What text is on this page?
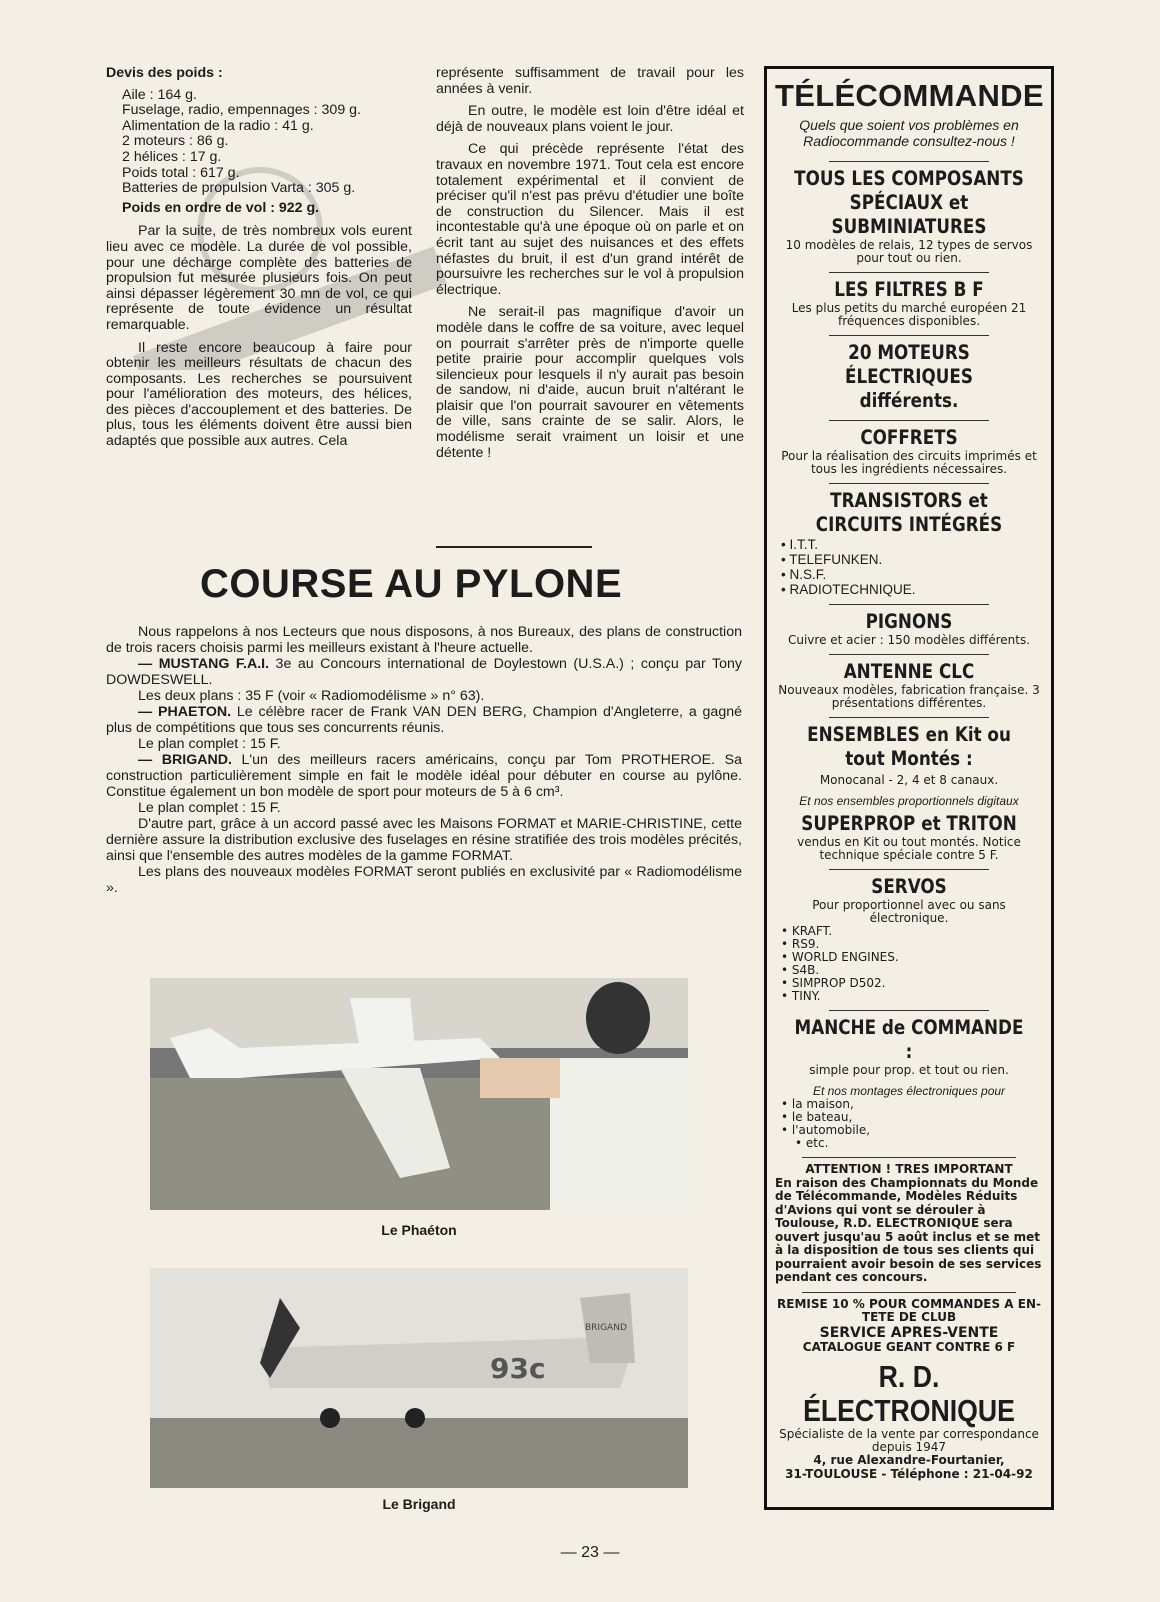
Devis des poids :
Aile : 164 g.
Fuselage, radio, empennages : 309 g.
Alimentation de la radio : 41 g.
2 moteurs : 86 g.
2 hélices : 17 g.
Poids total : 617 g.
Batteries de propulsion Varta : 305 g.
Poids en ordre de vol : 922 g.

Par la suite, de très nombreux vols eurent lieu avec ce modèle. La durée de vol possible, pour une décharge complète des batteries de propulsion fut mesurée plusieurs fois. On peut ainsi dépasser légèrement 30 mn de vol, ce qui représente de toute évidence un résultat remarquable.

Il reste encore beaucoup à faire pour obtenir les meilleurs résultats de chacun des composants. Les recherches se poursuivent pour l'amélioration des moteurs, des hélices, des pièces d'accouplement et des batteries. De plus, tous les éléments doivent être aussi bien adaptés que possible aux autres. Cela

représente suffisamment de travail pour les années à venir.

En outre, le modèle est loin d'être idéal et déjà de nouveaux plans voient le jour.

Ce qui précède représente l'état des travaux en novembre 1971. Tout cela est encore totalement expérimental et il convient de préciser qu'il n'est pas prévu d'étudier une boîte de construction du Silencer. Mais il est incontestable qu'à une époque où on parle et on écrit tant au sujet des nuisances et des effets néfastes du bruit, il est d'un grand intérêt de poursuivre les recherches sur le vol à propulsion électrique.

Ne serait-il pas magnifique d'avoir un modèle dans le coffre de sa voiture, avec lequel on pourrait s'arrêter près de n'importe quelle petite prairie pour accomplir quelques vols silencieux pour lesquels il n'y aurait pas besoin de sandow, ni d'aide, aucun bruit n'altérant le plaisir que l'on pourrait savourer en vêtements de ville, sans crainte de se salir. Alors, le modélisme serait vraiment un loisir et une détente !

COURSE AU PYLONE

Nous rappelons à nos Lecteurs que nous disposons, à nos Bureaux, des plans de construction de trois racers choisis parmi les meilleurs existant à l'heure actuelle.

— MUSTANG F.A.I. 3e au Concours international de Doylestown (U.S.A.) ; conçu par Tony DOWDESWELL.

Les deux plans : 35 F (voir « Radiomodélisme » n° 63).

— PHAETON. Le célèbre racer de Frank VAN DEN BERG, Champion d'Angleterre, a gagné plus de compétitions que tous ses concurrents réunis.

Le plan complet : 15 F.

— BRIGAND. L'un des meilleurs racers américains, conçu par Tom PROTHEROE. Sa construction particulièrement simple en fait le modèle idéal pour débuter en course au pylône. Constitue également un bon modèle de sport pour moteurs de 5 à 6 cm³.

Le plan complet : 15 F.

D'autre part, grâce à un accord passé avec les Maisons FORMAT et MARIE-CHRISTINE, cette dernière assure la distribution exclusive des fuselages en résine stratifiée des trois modèles précités, ainsi que l'ensemble des autres modèles de la gamme FORMAT.

Les plans des nouveaux modèles FORMAT seront publiés en exclusivité par « Radiomodélisme ».

Le Phaéton
93c
BRIGAND
Le Brigand
— 23 —
TÉLÉCOMMANDE
Quels que soient vos problèmes en Radiocommande consultez-nous !
TOUS LES COMPOSANTS SPÉCIAUX et SUBMINIATURES
10 modèles de relais, 12 types de servos pour tout ou rien.
LES FILTRES B F
Les plus petits du marché européen 21 fréquences disponibles.
20 MOTEURS ÉLECTRIQUES différents.
COFFRETS
Pour la réalisation des circuits imprimés et tous les ingrédients nécessaires.
TRANSISTORS et CIRCUITS INTÉGRÉS
• I.T.T.
• TELEFUNKEN.
• N.S.F.
• RADIOTECHNIQUE.
PIGNONS
Cuivre et acier : 150 modèles différents.
ANTENNE CLC
Nouveaux modèles, fabrication française. 3 présentations différentes.
ENSEMBLES en Kit ou tout Montés :
Monocanal - 2, 4 et 8 canaux.
Et nos ensembles proportionnels digitaux
SUPERPROP et TRITON
vendus en Kit ou tout montés. Notice technique spéciale contre 5 F.
SERVOS
Pour proportionnel avec ou sans électronique.
• KRAFT.
• RS9.
• WORLD ENGINES.
• S4B.
• SIMPROP D502.
• TINY.
MANCHE de COMMANDE :
simple pour prop. et tout ou rien.
Et nos montages électroniques pour
• la maison,
• le bateau,
• l'automobile,
• etc.
ATTENTION ! TRES IMPORTANT
En raison des Championnats du Monde de Télécommande, Modèles Réduits d'Avions qui vont se dérouler à Toulouse, R.D. ELECTRONIQUE sera ouvert jusqu'au 5 août inclus et se met à la disposition de tous ses clients qui pourraient avoir besoin de ses services pendant ces concours.
REMISE 10 % POUR COMMANDES A EN-TETE DE CLUB
SERVICE APRES-VENTE
CATALOGUE GEANT CONTRE 6 F
R. D. ÉLECTRONIQUE
Spécialiste de la vente par correspondance depuis 1947
4, rue Alexandre-Fourtanier,
31-TOULOUSE - Téléphone : 21-04-92
